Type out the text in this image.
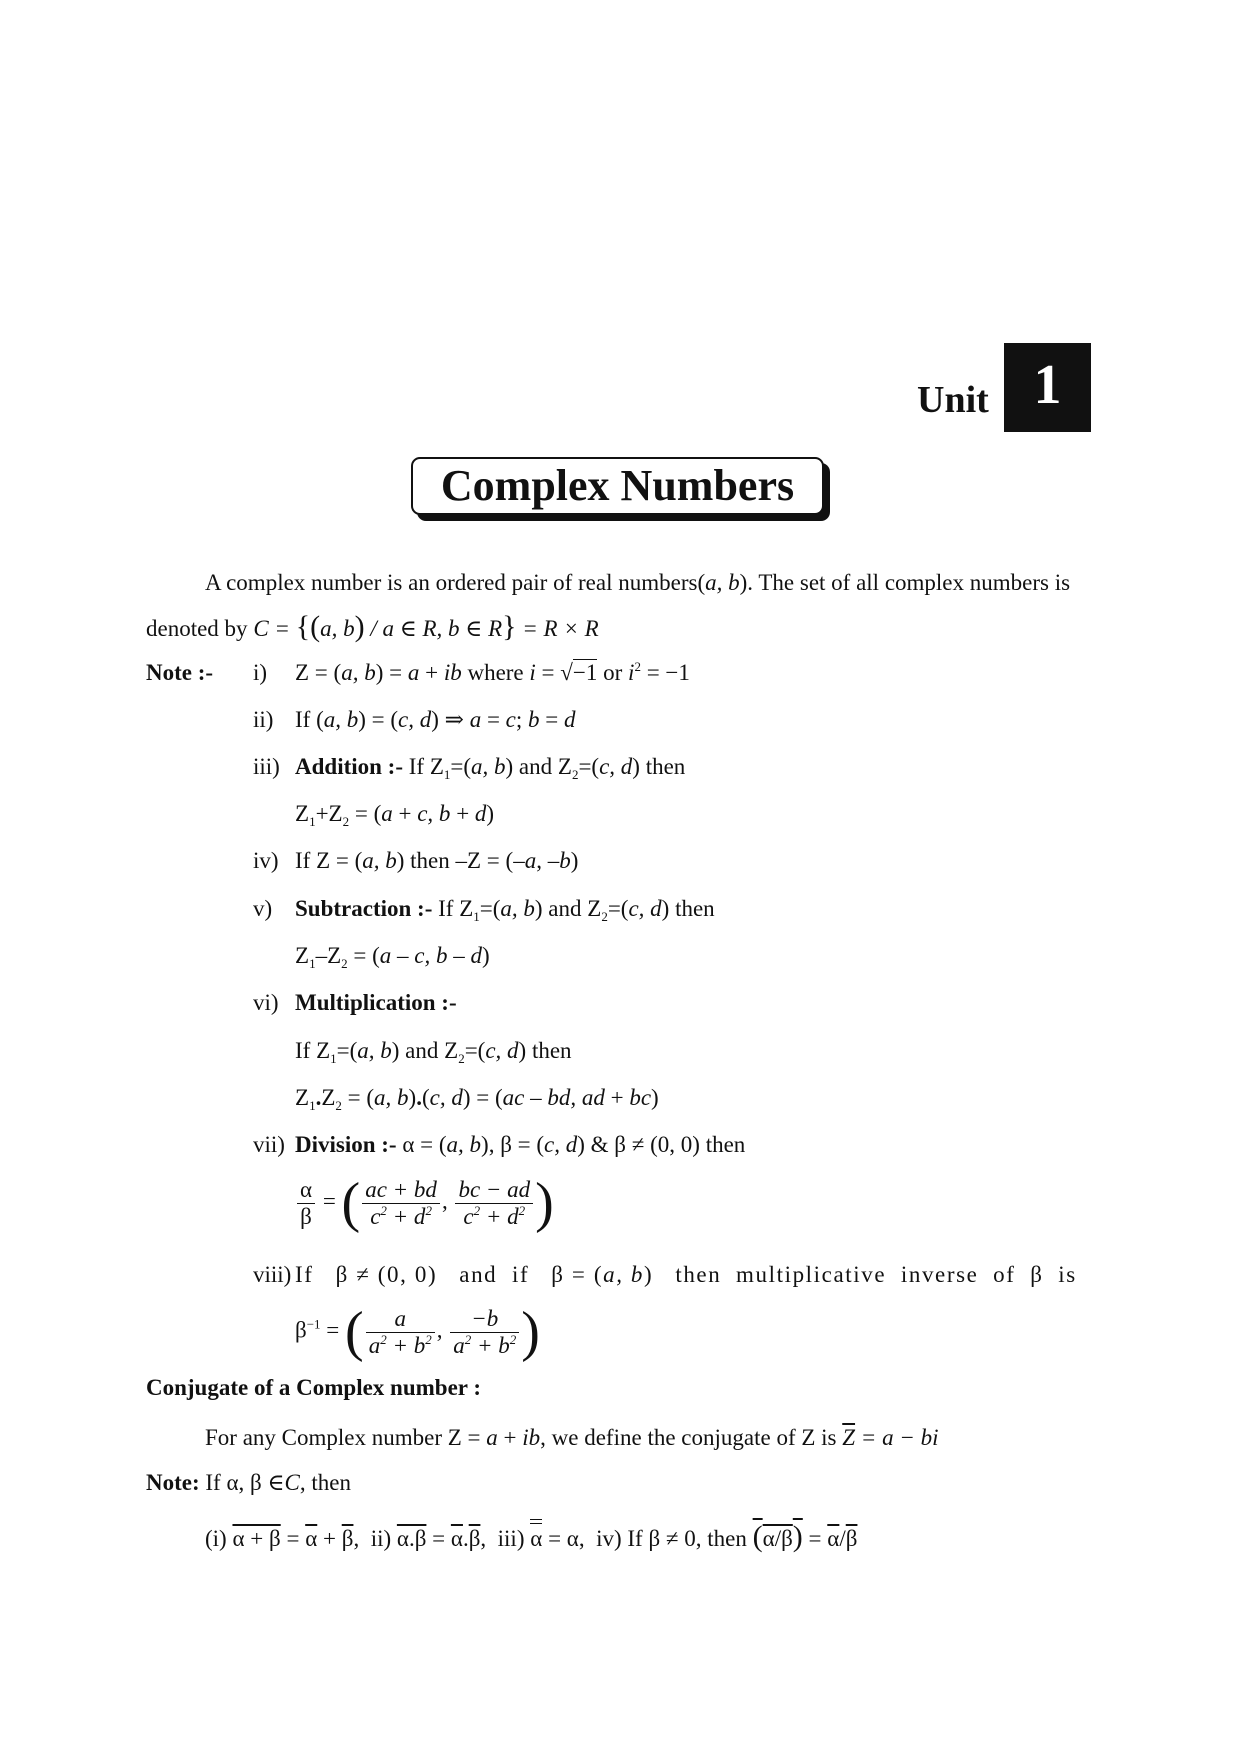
Unit 1
Complex Numbers
A complex number is an ordered pair of real numbers(a, b). The set of all complex numbers is
denoted by C = {(a, b) / a ∈ R, b ∈ R} = R × R
Note :- i) Z = (a, b) = a + ib where i = √−1 or $i^2 = -1$
ii) If (a, b) = (c, d) ⇒ a = c; b = d
iii) Addition :- If $Z_1=(a$, b) and $Z_2=(c$, d) then
$Z_1+Z_2 = (a + c$, b + d)
iv) If Z = (a, b) then –Z = (–a, –b)
v) Subtraction :- If $Z_1=(a$, b) and $Z_2=(c$, d) then
$Z_1-Z_2 = (a - c$, b – d)
vi) Multiplication :-
If $Z_1=(a$, b) and $Z_2=(c$, d) then
$Z_1.Z_2 = (a$, b).(c, d) = (ac – bd, ad + bc)
vii) Division :- α = (a, b), β = (c, d) & β ≠ (0, 0) then
$\frac{\alpha}{\beta}$ = ( $\frac{ac + bd}{c^2 + d^2}$ , $\frac{bc - ad}{c^2 + d^2}$ )
viii) If   β ≠ (0, 0)   and  if   β = (a, b)   then  multiplicative  inverse  of  β  is
$\beta^{-1}$ = ( $\frac{a}{a^2 + b^2}$ , $\frac{-b}{a^2 + b^2}$ )
Conjugate of a Complex number :
For any Complex number Z = a + ib, we define the conjugate of Z is $\overline{Z} = a$ − bi
Note: If α, β ∈C, then
(i) $\alpha + \beta = \overline{\alpha} + \overline{\beta}$,  ii) $\alpha.\beta = \overline{\alpha}.\overline{\beta}$,  iii) α = α,  iv) If β ≠ 0, then $(\alpha/\beta) = \overline{\alpha}/\overline{\beta}$
